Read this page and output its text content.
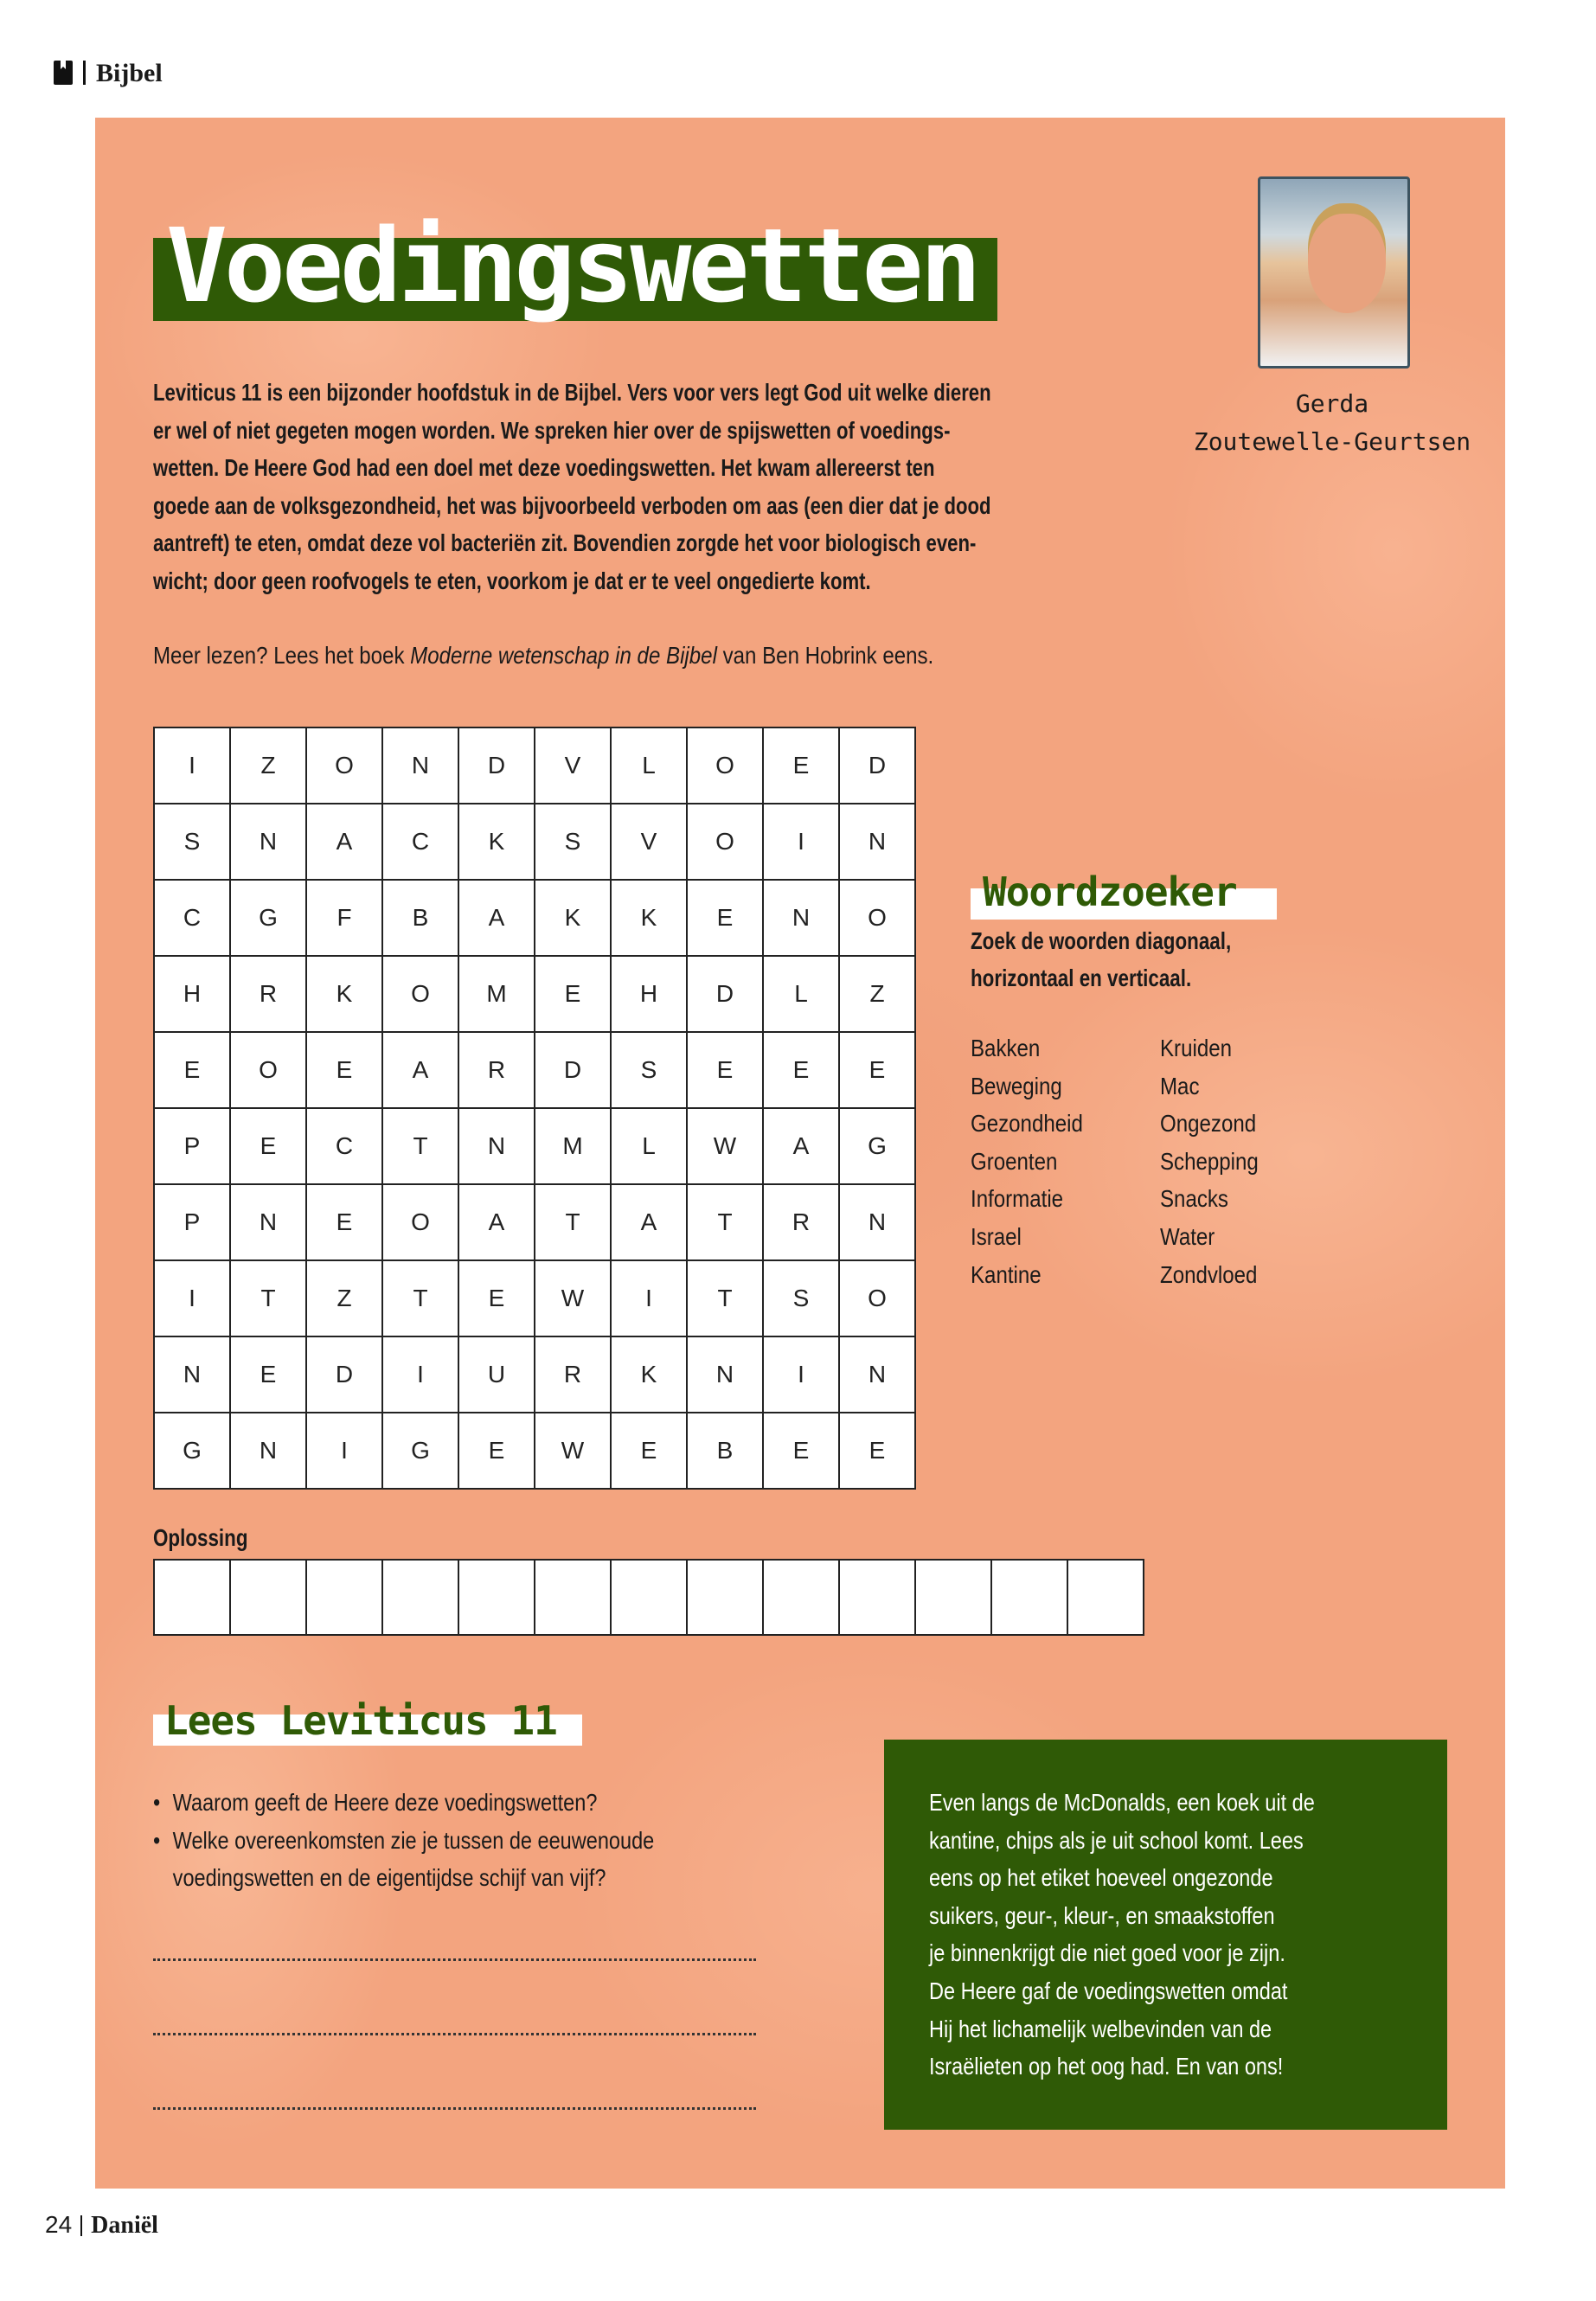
Bijbel
Voedingswetten
Leviticus 11 is een bijzonder hoofdstuk in de Bijbel. Vers voor vers legt God uit welke dieren
er wel of niet gegeten mogen worden. We spreken hier over de spijswetten of voedings-
wetten. De Heere God had een doel met deze voedingswetten. Het kwam allereerst ten
goede aan de volksgezondheid, het was bijvoorbeeld verboden om aas (een dier dat je dood
aantreft) te eten, omdat deze vol bacteriën zit. Bovendien zorgde het voor biologisch even-
wicht; door geen roofvogels te eten, voorkom je dat er te veel ongedierte komt.
Meer lezen? Lees het boek Moderne wetenschap in de Bijbel van Ben Hobrink eens.
Gerda
Zoutewelle-Geurtsen
I	Z	O	N	D	V	L	O	E	D
S	N	A	C	K	S	V	O	I	N
C	G	F	B	A	K	K	E	N	O
H	R	K	O	M	E	H	D	L	Z
E	O	E	A	R	D	S	E	E	E
P	E	C	T	N	M	L	W	A	G
P	N	E	O	A	T	A	T	R	N
I	T	Z	T	E	W	I	T	S	O
N	E	D	I	U	R	K	N	I	N
G	N	I	G	E	W	E	B	E	E
Oplossing

Woordzoeker
Zoek de woorden diagonaal,
horizontaal en verticaal.
Bakken
Beweging
Gezondheid
Groenten
Informatie
Israel
Kantine
Kruiden
Mac
Ongezond
Schepping
Snacks
Water
Zondvloed
Lees Leviticus 11
• Waarom geeft de Heere deze voedingswetten?
• Welke overeenkomsten zie je tussen de eeuwenoude
voedingswetten en de eigentijdse schijf van vijf?
Even langs de McDonalds, een koek uit de
kantine, chips als je uit school komt. Lees
eens op het etiket hoeveel ongezonde
suikers, geur-, kleur-, en smaakstoffen
je binnenkrijgt die niet goed voor je zijn.
De Heere gaf de voedingswetten omdat
Hij het lichamelijk welbevinden van de
Israëlieten op het oog had. En van ons!
24 Daniël
